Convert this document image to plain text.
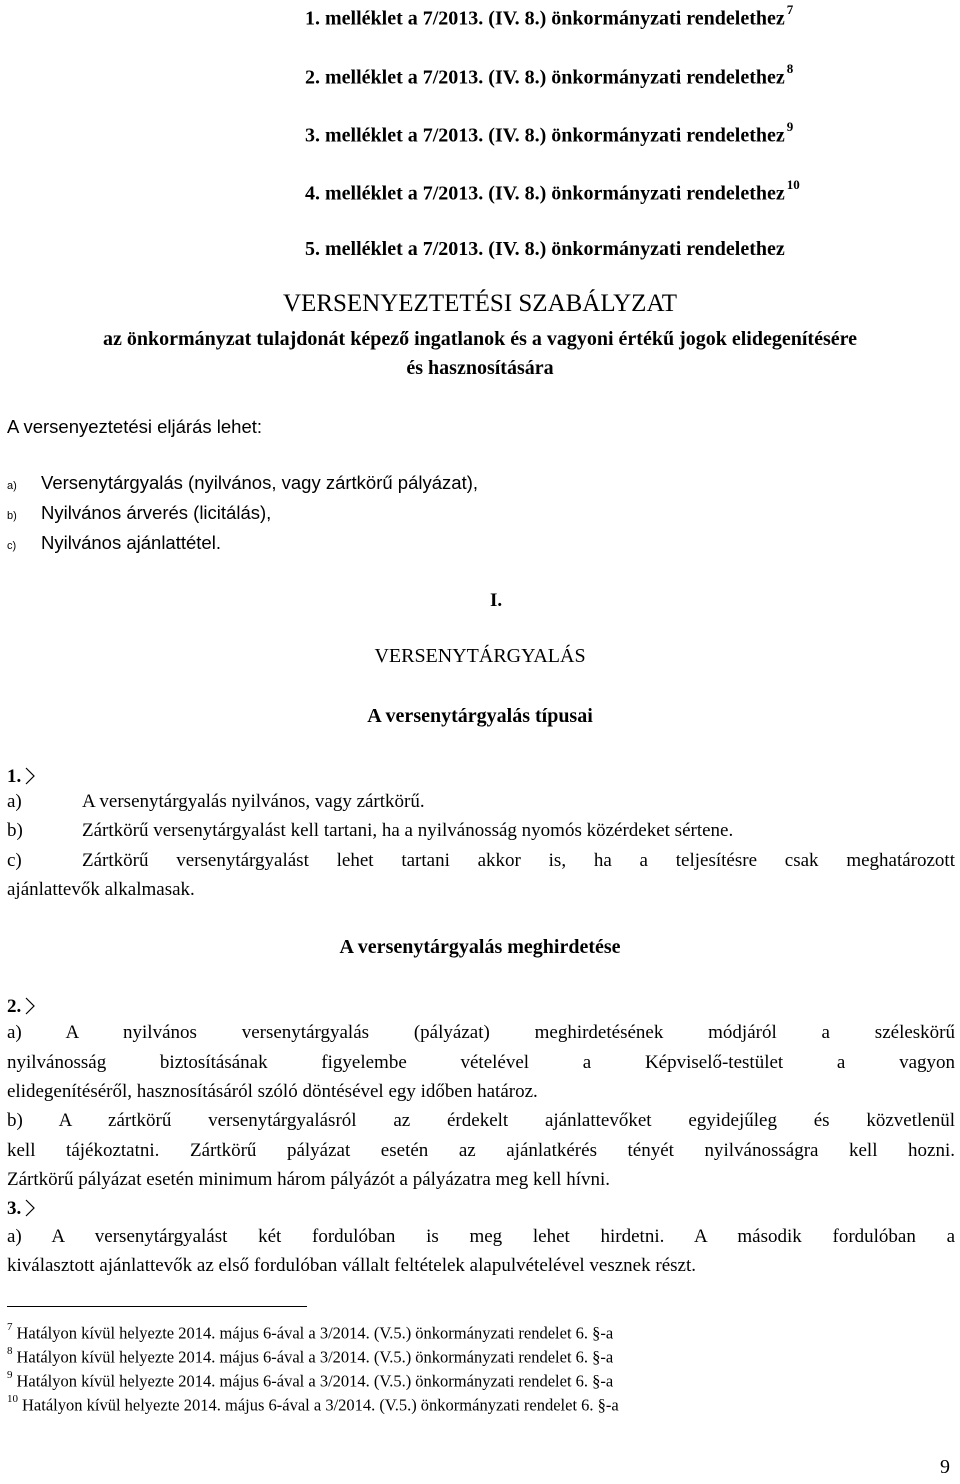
1. melléklet a 7/2013. (IV. 8.) önkormányzati rendelethez $^7$
2. melléklet a 7/2013. (IV. 8.) önkormányzati rendelethez $^8$
3. melléklet a 7/2013. (IV. 8.) önkormányzati rendelethez $^9$
4. melléklet a 7/2013. (IV. 8.) önkormányzati rendelethez $^{10}$
5. melléklet a 7/2013. (IV. 8.) önkormányzati rendelethez
VERSENYEZTETÉSI SZABÁLYZAT
az önkormányzat tulajdonát képező ingatlanok és a vagyoni értékű jogok elidegenítésére
és hasznosítására
A versenyeztetési eljárás lehet:
a) Versenytárgyalás (nyilvános, vagy zártkörű pályázat),
b) Nyilvános árverés (licitálás),
c) Nyilvános ajánlattétel.
I.
VERSENYTÁRGYALÁS
A versenytárgyalás típusai
1.
a)	A versenytárgyalás nyilvános, vagy zártkörű.
b)	Zártkörű versenytárgyalást kell tartani, ha a nyilvánosság nyomós közérdeket sértene.
c)	Zártkörű versenytárgyalást lehet tartani akkor is, ha a teljesítésre csak meghatározott
ajánlattevők alkalmasak.
A versenytárgyalás meghirdetése
2.
a) A nyilvános versenytárgyalás (pályázat) meghirdetésének módjáról a széleskörű
nyilvánosság biztosításának figyelembe vételével a Képviselő-testület a vagyon
elidegenítéséről, hasznosításáról szóló döntésével egy időben határoz.
b) A zártkörű versenytárgyalásról az érdekelt ajánlattevőket egyidejűleg és közvetlenül
kell tájékoztatni. Zártkörű pályázat esetén az ajánlatkérés tényét nyilvánosságra kell hozni.
Zártkörű pályázat esetén minimum három pályázót a pályázatra meg kell hívni.
3.
a) A versenytárgyalást két fordulóban is meg lehet hirdetni. A második fordulóban a
kiválasztott ajánlattevők az első fordulóban vállalt feltételek alapulvételével vesznek részt.
$^7$ Hatályon kívül helyezte 2014. május 6-ával a 3/2014. (V.5.) önkormányzati rendelet 6. §-a
$^8$ Hatályon kívül helyezte 2014. május 6-ával a 3/2014. (V.5.) önkormányzati rendelet 6. §-a
$^9$ Hatályon kívül helyezte 2014. május 6-ával a 3/2014. (V.5.) önkormányzati rendelet 6. §-a
$^{10}$ Hatályon kívül helyezte 2014. május 6-ával a 3/2014. (V.5.) önkormányzati rendelet 6. §-a
9
